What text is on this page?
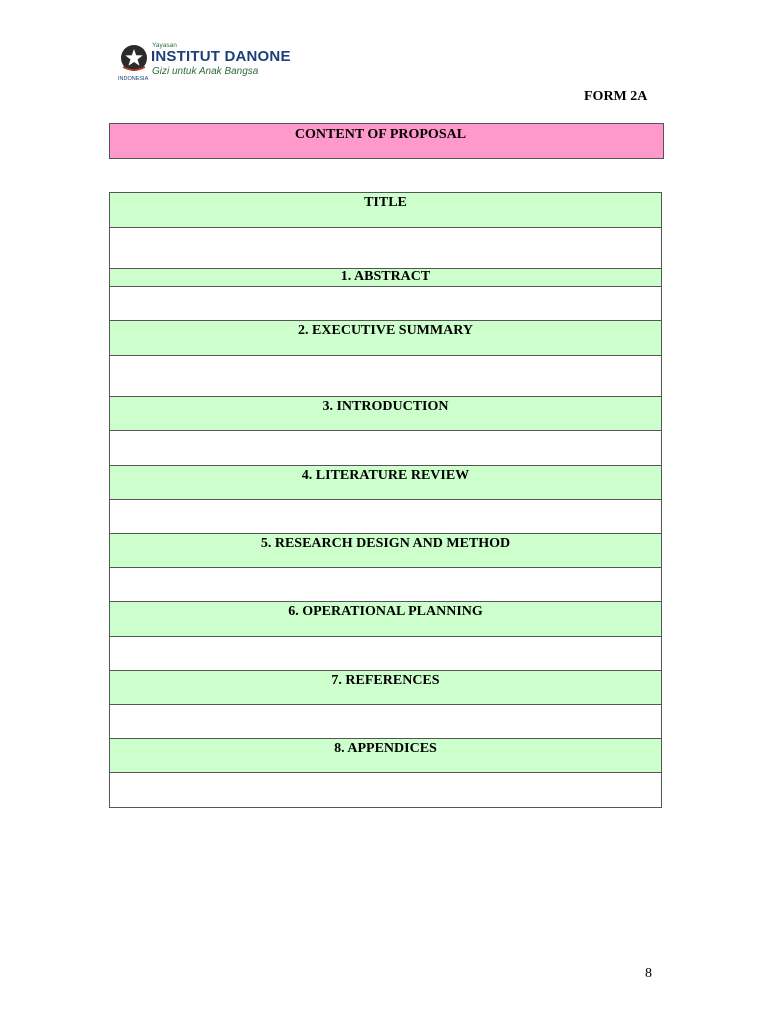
Yayasan
INSTITUT DANONE
Gizi untuk Anak Bangsa
INDONESIA
FORM 2A
CONTENT OF PROPOSAL
TITLE
1. ABSTRACT
2. EXECUTIVE SUMMARY
3. INTRODUCTION
4. LITERATURE REVIEW
5. RESEARCH DESIGN AND METHOD
6. OPERATIONAL PLANNING
7. REFERENCES
8. APPENDICES
8
